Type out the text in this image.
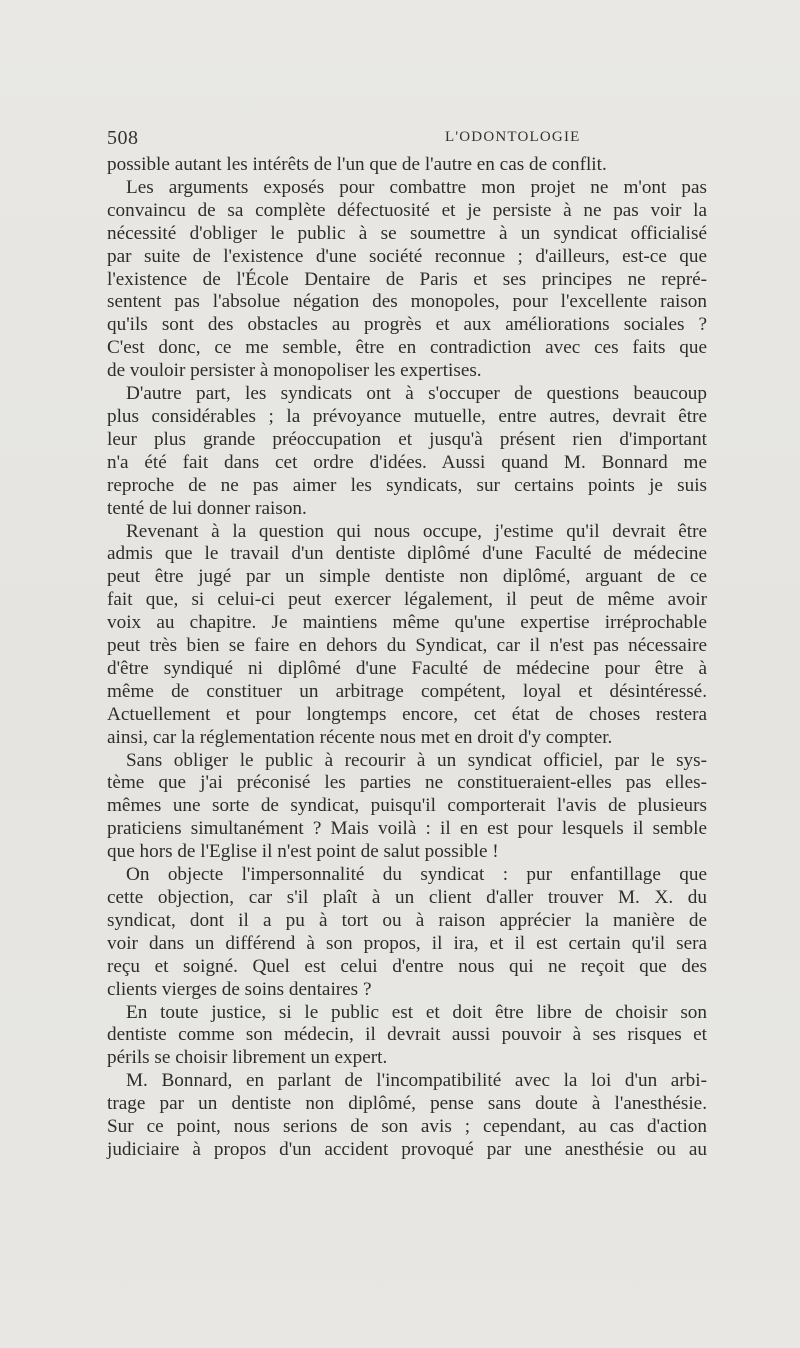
508	L'ODONTOLOGIE

possible autant les intérêts de l'un que de l'autre en cas de conflit.

Les arguments exposés pour combattre mon projet ne m'ont pas
convaincu de sa complète défectuosité et je persiste à ne pas voir la
nécessité d'obliger le public à se soumettre à un syndicat officialisé
par suite de l'existence d'une société reconnue ; d'ailleurs, est-ce que
l'existence de l'École Dentaire de Paris et ses principes ne repré-
sentent pas l'absolue négation des monopoles, pour l'excellente raison
qu'ils sont des obstacles au progrès et aux améliorations sociales ?
C'est donc, ce me semble, être en contradiction avec ces faits que
de vouloir persister à monopoliser les expertises.

D'autre part, les syndicats ont à s'occuper de questions beaucoup
plus considérables ; la prévoyance mutuelle, entre autres, devrait être
leur plus grande préoccupation et jusqu'à présent rien d'important
n'a été fait dans cet ordre d'idées. Aussi quand M. Bonnard me
reproche de ne pas aimer les syndicats, sur certains points je suis
tenté de lui donner raison.

Revenant à la question qui nous occupe, j'estime qu'il devrait être
admis que le travail d'un dentiste diplômé d'une Faculté de médecine
peut être jugé par un simple dentiste non diplômé, arguant de ce
fait que, si celui-ci peut exercer légalement, il peut de même avoir
voix au chapitre. Je maintiens même qu'une expertise irréprochable
peut très bien se faire en dehors du Syndicat, car il n'est pas nécessaire
d'être syndiqué ni diplômé d'une Faculté de médecine pour être à
même de constituer un arbitrage compétent, loyal et désintéressé.
Actuellement et pour longtemps encore, cet état de choses restera
ainsi, car la réglementation récente nous met en droit d'y compter.

Sans obliger le public à recourir à un syndicat officiel, par le sys-
tème que j'ai préconisé les parties ne constitueraient-elles pas elles-
mêmes une sorte de syndicat, puisqu'il comporterait l'avis de plusieurs
praticiens simultanément ? Mais voilà : il en est pour lesquels il semble
que hors de l'Eglise il n'est point de salut possible !

On objecte l'impersonnalité du syndicat : pur enfantillage que
cette objection, car s'il plaît à un client d'aller trouver M. X. du
syndicat, dont il a pu à tort ou à raison apprécier la manière de
voir dans un différend à son propos, il ira, et il est certain qu'il sera
reçu et soigné. Quel est celui d'entre nous qui ne reçoit que des
clients vierges de soins dentaires ?

En toute justice, si le public est et doit être libre de choisir son
dentiste comme son médecin, il devrait aussi pouvoir à ses risques et
périls se choisir librement un expert.

M. Bonnard, en parlant de l'incompatibilité avec la loi d'un arbi-
trage par un dentiste non diplômé, pense sans doute à l'anesthésie.
Sur ce point, nous serions de son avis ; cependant, au cas d'action
judiciaire à propos d'un accident provoqué par une anesthésie ou au
